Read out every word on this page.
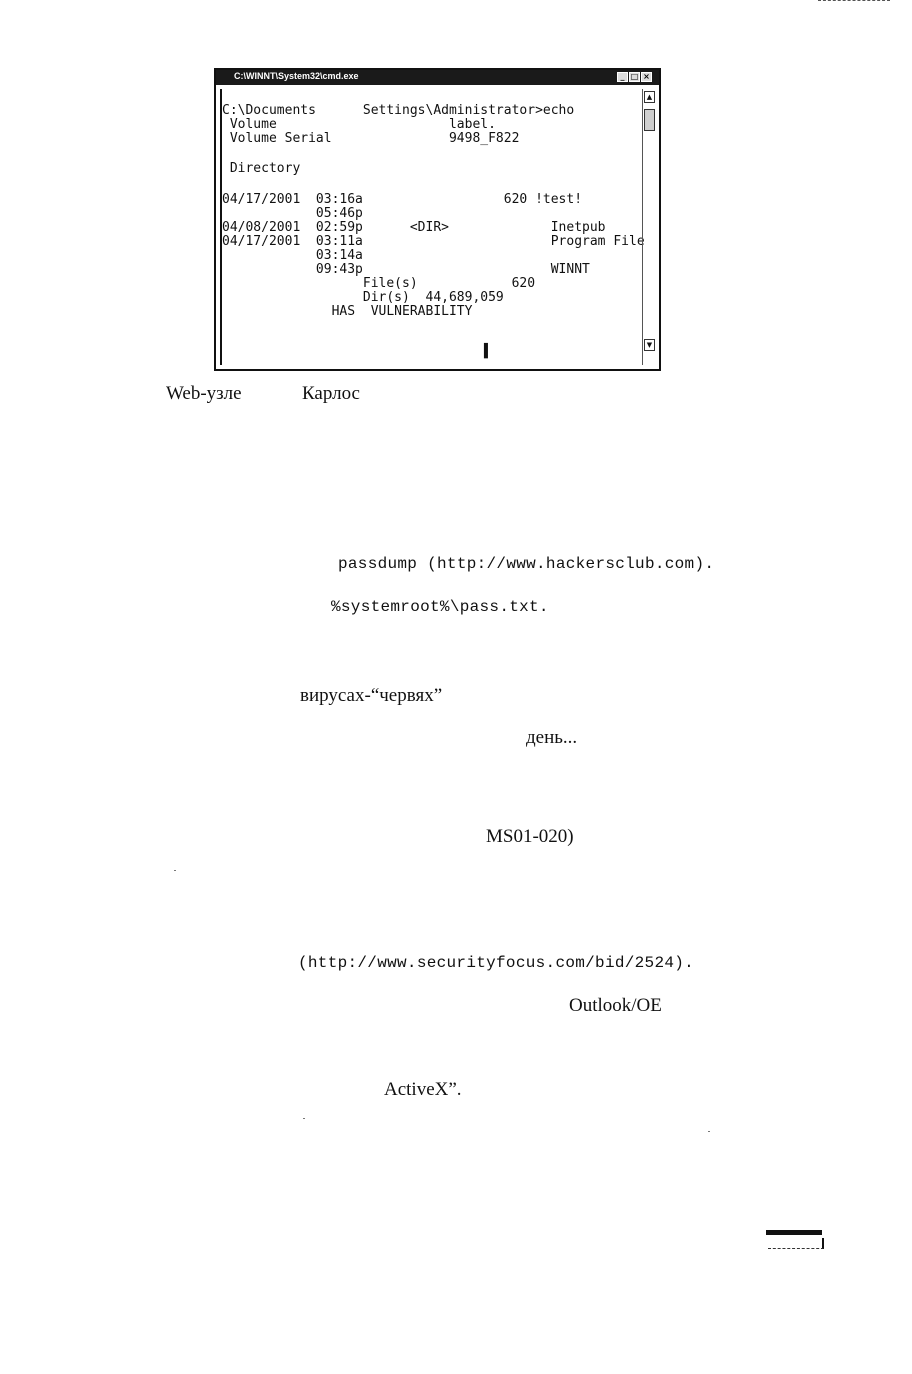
C:\WINNT\System32\cmd.exe	_ □ ×
C:\Documents      Settings\Administrator>echo
Volume                      label.
Volume Serial               9498_F822
Directory
04/17/2001  03:16a                  620 !test!
05:46p
04/08/2001  02:59p      <DIR>             Inetpub
04/17/2001  03:11a                        Program File
03:14a
09:43p                        WINNT
File(s)            620
Dir(s)  44,689,059
HAS  VULNERABILITY
▌
▲
▼
Web-узле	Карлос
passdump (http://www.hackersclub.com).
%systemroot%\pass.txt.
вирусах-“червях”
день...
MS01-020)
(http://www.securityfocus.com/bid/2524).
Outlook/OE
ActiveX”.
